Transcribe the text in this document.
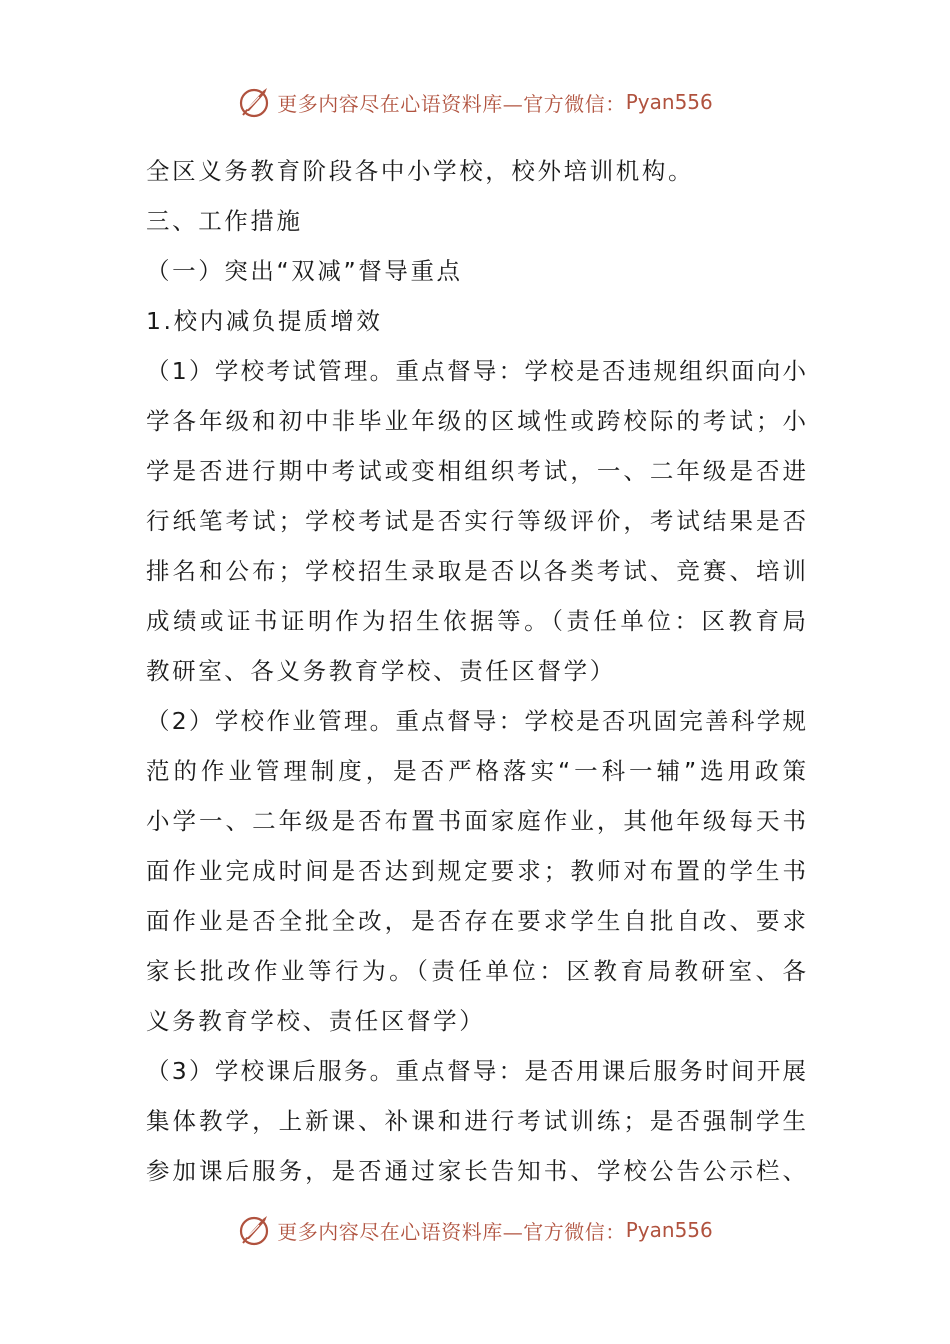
更多内容尽在心语资料库—官方微信： Pyan556
全区义务教育阶段各中小学校，校外培训机构。
三、工作措施
（一）突出“双减”督导重点
1.校内减负提质增效
（1）学校考试管理。重点督导：学校是否违规组织面向小
学各年级和初中非毕业年级的区域性或跨校际的考试；小
学是否进行期中考试或变相组织考试，一、二年级是否进
行纸笔考试；学校考试是否实行等级评价，考试结果是否
排名和公布；学校招生录取是否以各类考试、竞赛、培训
成绩或证书证明作为招生依据等。（责任单位：区教育局
教研室、各义务教育学校、责任区督学）
（2）学校作业管理。重点督导：学校是否巩固完善科学规
范的作业管理制度，是否严格落实“一科一辅”选用政策
小学一、二年级是否布置书面家庭作业，其他年级每天书
面作业完成时间是否达到规定要求；教师对布置的学生书
面作业是否全批全改，是否存在要求学生自批自改、要求
家长批改作业等行为。（责任单位：区教育局教研室、各
义务教育学校、责任区督学）
（3）学校课后服务。重点督导：是否用课后服务时间开展
集体教学，上新课、补课和进行考试训练；是否强制学生
参加课后服务，是否通过家长告知书、学校公告公示栏、
更多内容尽在心语资料库—官方微信： Pyan556
